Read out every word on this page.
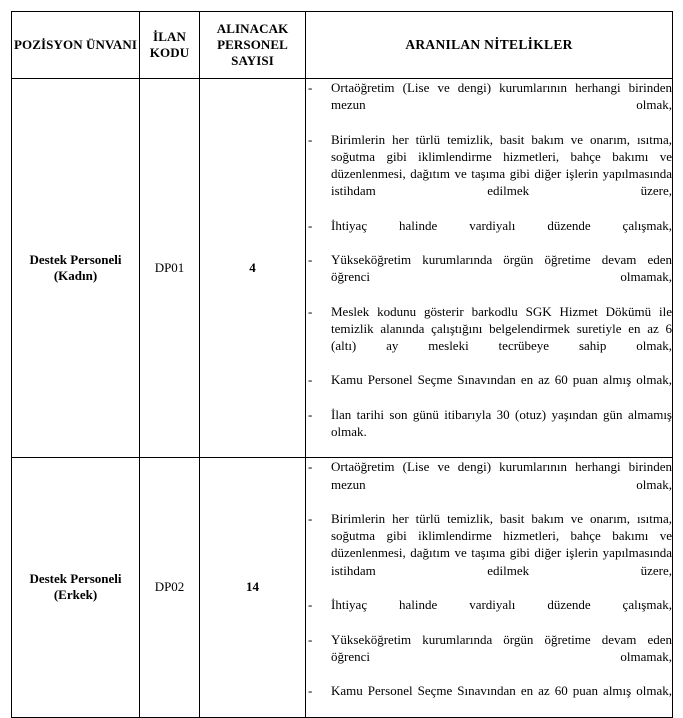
POZİSYON ÜNVANI	İLAN KODU	ALINACAK PERSONEL SAYISI	ARANILAN NİTELİKLER
Destek Personeli (Kadın)	DP01	4	
- Ortaöğretim (Lise ve dengi) kurumlarının herhangi birinden mezun olmak,
- Birimlerin her türlü temizlik, basit bakım ve onarım, ısıtma, soğutma gibi iklimlendirme hizmetleri, bahçe bakımı ve düzenlenmesi, dağıtım ve taşıma gibi diğer işlerin yapılmasında istihdam edilmek üzere,
- İhtiyaç halinde vardiyalı düzende çalışmak,
- Yükseköğretim kurumlarında örgün öğretime devam eden öğrenci olmamak,
- Meslek kodunu gösterir barkodlu SGK Hizmet Dökümü ile temizlik alanında çalıştığını belgelendirmek suretiyle en az 6 (altı) ay mesleki tecrübeye sahip olmak,
- Kamu Personel Seçme Sınavından en az 60 puan almış olmak,
- İlan tarihi son günü itibarıyla 30 (otuz) yaşından gün almamış olmak.

Destek Personeli (Erkek)	DP02	14	
- Ortaöğretim (Lise ve dengi) kurumlarının herhangi birinden mezun olmak,
- Birimlerin her türlü temizlik, basit bakım ve onarım, ısıtma, soğutma gibi iklimlendirme hizmetleri, bahçe bakımı ve düzenlenmesi, dağıtım ve taşıma gibi diğer işlerin yapılmasında istihdam edilmek üzere,
- İhtiyaç halinde vardiyalı düzende çalışmak,
- Yükseköğretim kurumlarında örgün öğretime devam eden öğrenci olmamak,
- Kamu Personel Seçme Sınavından en az 60 puan almış olmak,
